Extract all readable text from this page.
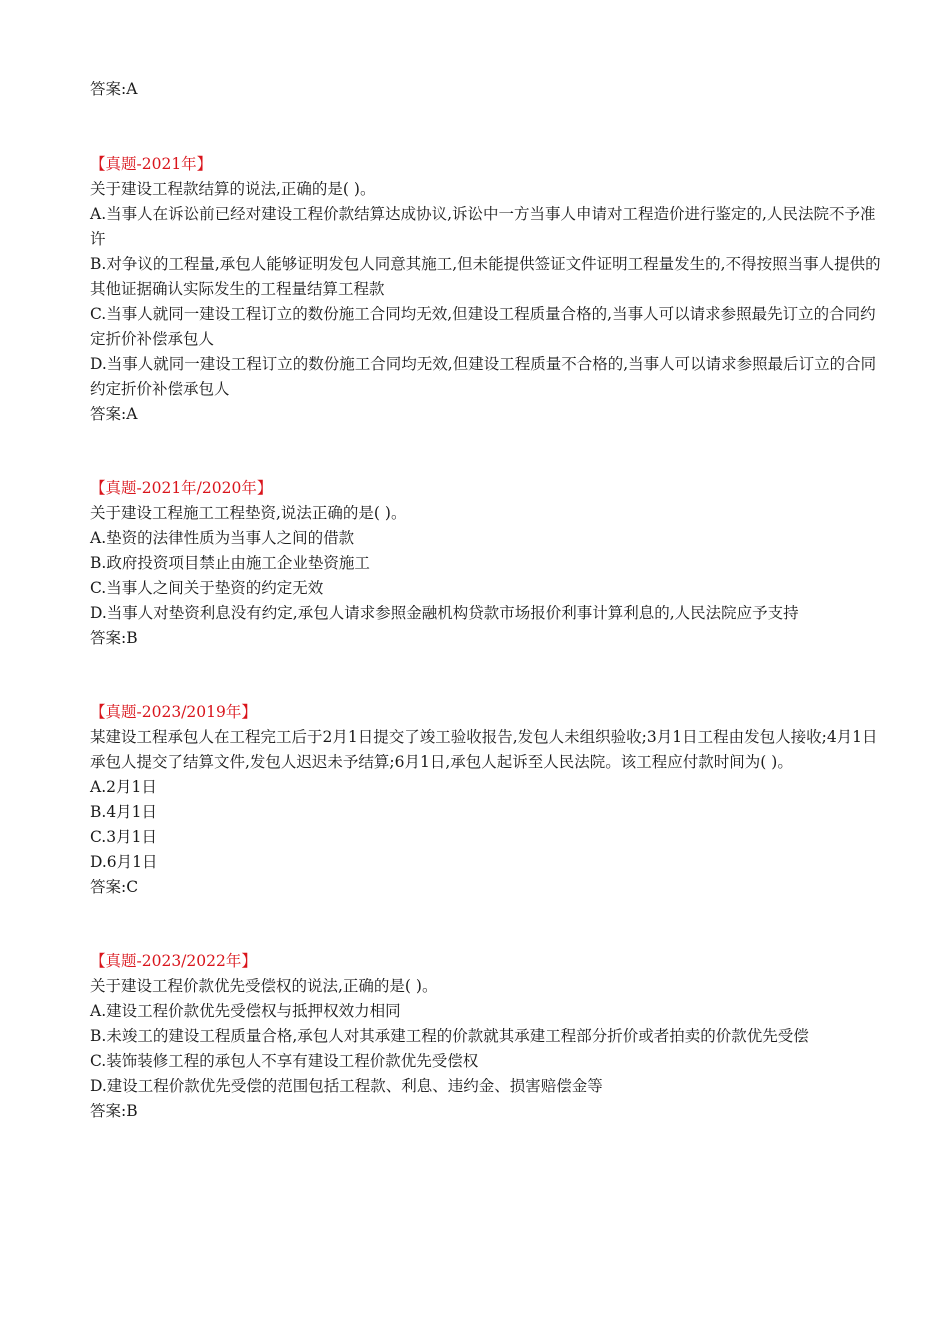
答案:A
【真题-2021年】
关于建设工程款结算的说法,正确的是( )。
A.当事人在诉讼前已经对建设工程价款结算达成协议,诉讼中一方当事人申请对工程造价进行鉴定的,人民法院不予准许
B.对争议的工程量,承包人能够证明发包人同意其施工,但未能提供签证文件证明工程量发生的,不得按照当事人提供的其他证据确认实际发生的工程量结算工程款
C.当事人就同一建设工程订立的数份施工合同均无效,但建设工程质量合格的,当事人可以请求参照最先订立的合同约定折价补偿承包人
D.当事人就同一建设工程订立的数份施工合同均无效,但建设工程质量不合格的,当事人可以请求参照最后订立的合同约定折价补偿承包人
答案:A
【真题-2021年/2020年】
关于建设工程施工工程垫资,说法正确的是( )。
A.垫资的法律性质为当事人之间的借款
B.政府投资项目禁止由施工企业垫资施工
C.当事人之间关于垫资的约定无效
D.当事人对垫资利息没有约定,承包人请求参照金融机构贷款市场报价利事计算利息的,人民法院应予支持
答案:B
【真题-2023/2019年】
某建设工程承包人在工程完工后于2月1日提交了竣工验收报告,发包人未组织验收;3月1日工程由发包人接收;4月1日承包人提交了结算文件,发包人迟迟未予结算;6月1日,承包人起诉至人民法院。该工程应付款时间为( )。
A.2月1日
B.4月1日
C.3月1日
D.6月1日
答案:C
【真题-2023/2022年】
关于建设工程价款优先受偿权的说法,正确的是( )。
A.建设工程价款优先受偿权与抵押权效力相同
B.未竣工的建设工程质量合格,承包人对其承建工程的价款就其承建工程部分折价或者拍卖的价款优先受偿
C.装饰装修工程的承包人不享有建设工程价款优先受偿权
D.建设工程价款优先受偿的范围包括工程款、利息、违约金、损害赔偿金等
答案:B
